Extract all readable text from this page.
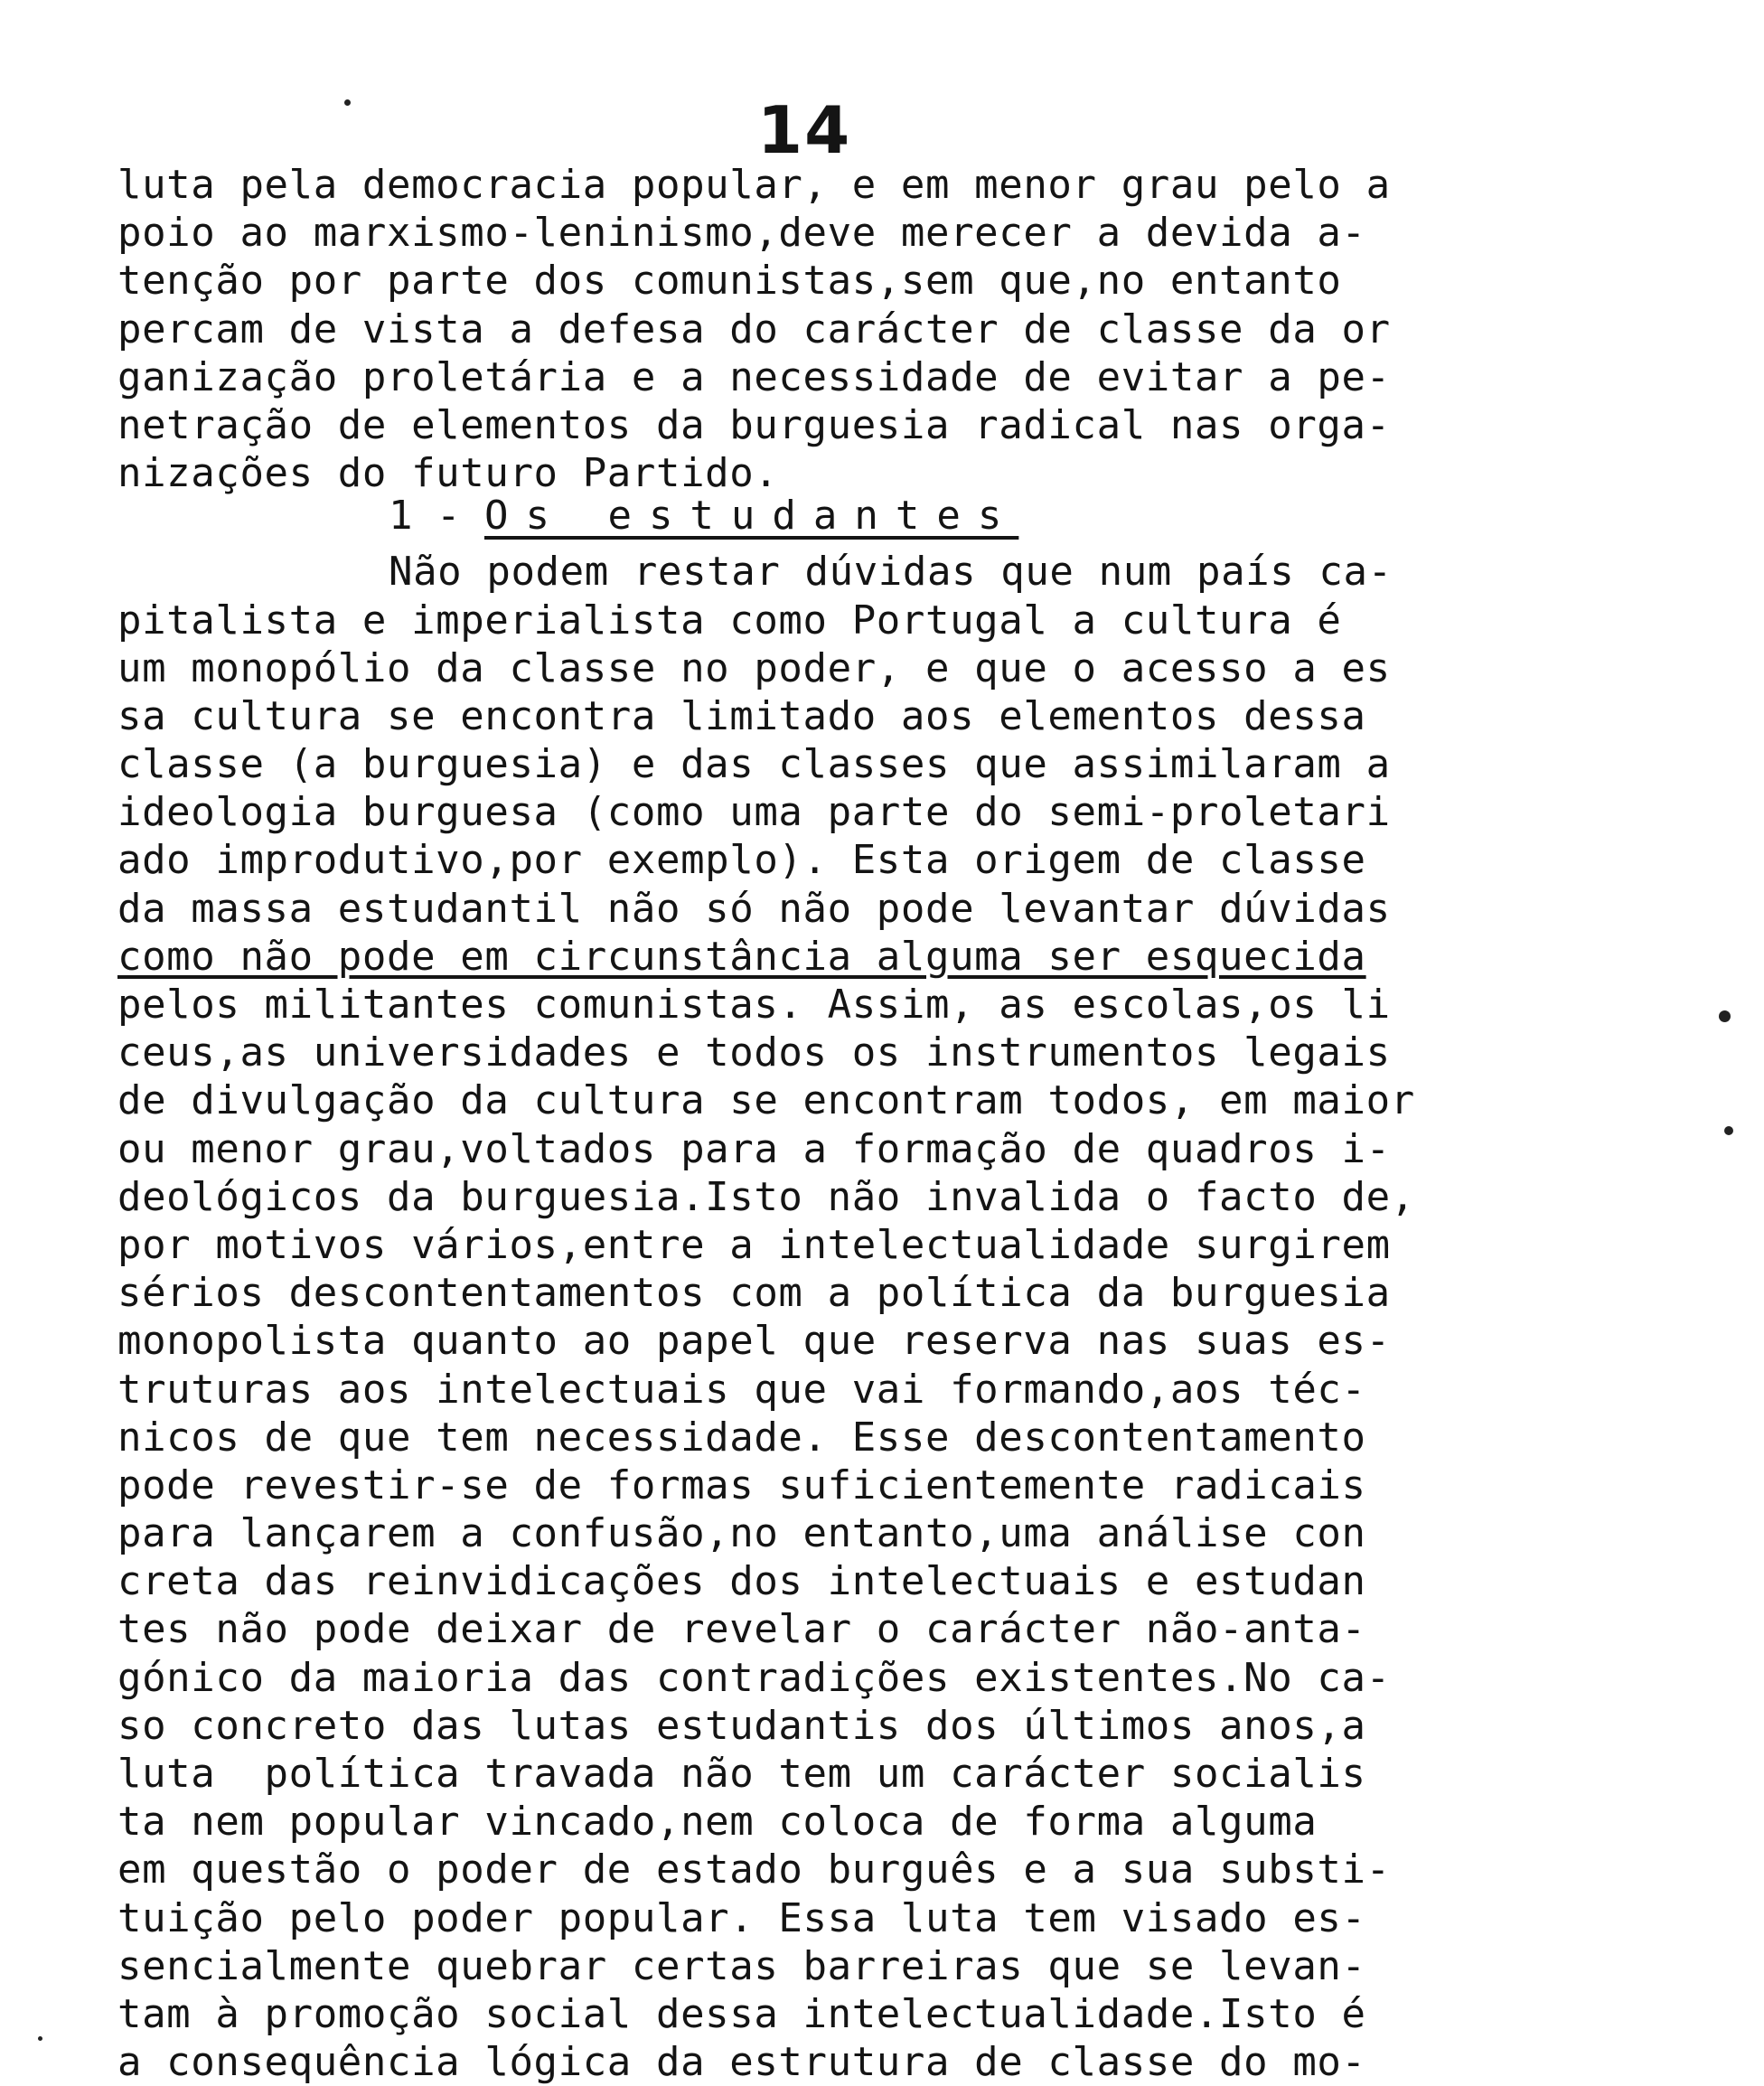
14
luta pela democracia popular, e em menor grau pelo a
poio ao marxismo-leninismo,deve merecer a devida a-
tenção por parte dos comunistas,sem que,no entanto
percam de vista a defesa do carácter de classe da or
ganização proletária e a necessidade de evitar a pe-
netração de elementos da burguesia radical nas orga-
nizações do futuro Partido.
Não podem restar dúvidas que num país ca-
pitalista e imperialista como Portugal a cultura é
um monopólio da classe no poder, e que o acesso a es
sa cultura se encontra limitado aos elementos dessa
classe (a burguesia) e das classes que assimilaram a
ideologia burguesa (como uma parte do semi-proletari
ado improdutivo,por exemplo). Esta origem de classe
da massa estudantil não só não pode levantar dúvidas
como não pode em circunstância alguma ser esquecida
pelos militantes comunistas. Assim, as escolas,os li
ceus,as universidades e todos os instrumentos legais
de divulgação da cultura se encontram todos, em maior
ou menor grau,voltados para a formação de quadros i-
deológicos da burguesia.Isto não invalida o facto de,
por motivos vários,entre a intelectualidade surgirem
sérios descontentamentos com a política da burguesia
monopolista quanto ao papel que reserva nas suas es-
truturas aos intelectuais que vai formando,aos téc-
nicos de que tem necessidade. Esse descontentamento
pode revestir-se de formas suficientemente radicais
para lançarem a confusão,no entanto,uma análise con
creta das reinvidicações dos intelectuais e estudan
tes não pode deixar de revelar o carácter não-anta-
gónico da maioria das contradições existentes.No ca-
so concreto das lutas estudantis dos últimos anos,a
luta  política travada não tem um carácter socialis
ta nem popular vincado,nem coloca de forma alguma
em questão o poder de estado burguês e a sua substi-
tuição pelo poder popular. Essa luta tem visado es-
sencialmente quebrar certas barreiras que se levan-
tam à promoção social dessa intelectualidade.Isto é
a consequência lógica da estrutura de classe do mo-
1 - Os estudantes
